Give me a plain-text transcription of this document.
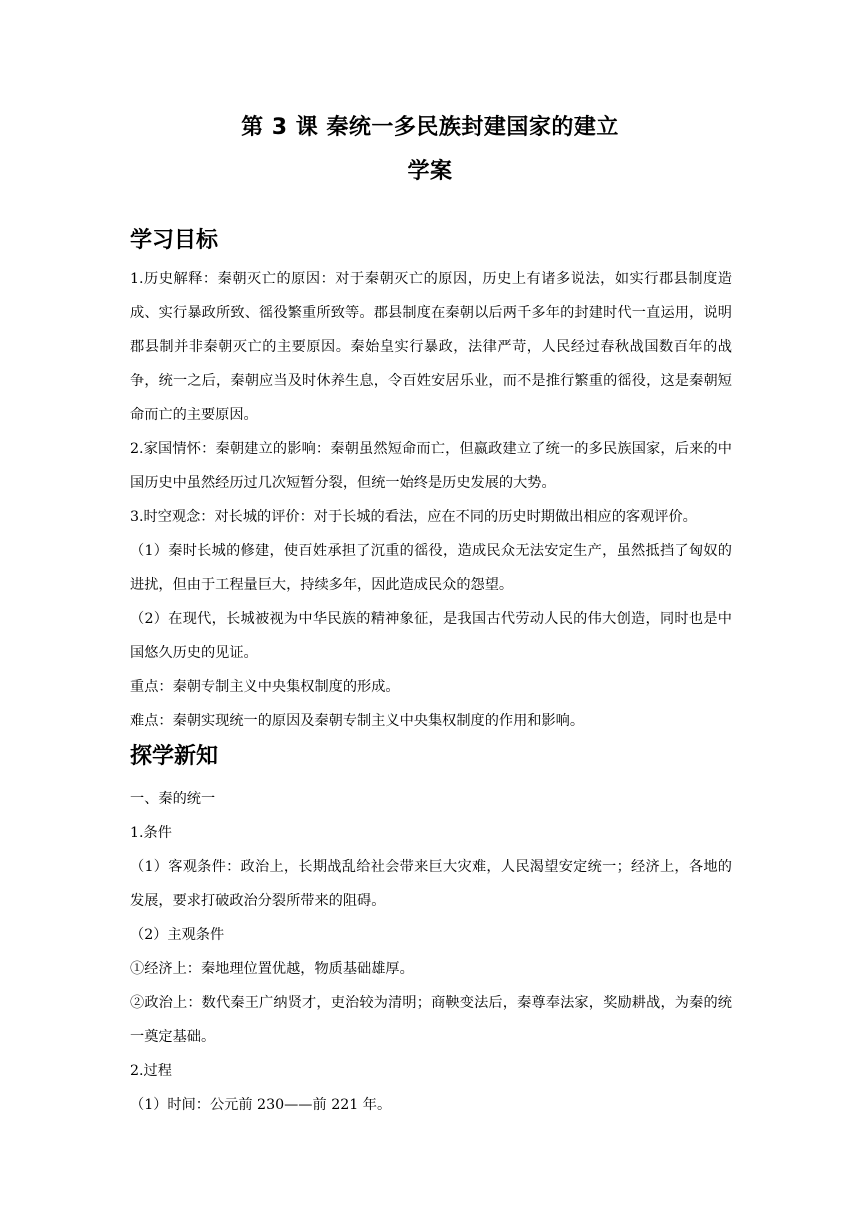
第 3 课 秦统一多民族封建国家的建立
学案
学习目标

1.历史解释：秦朝灭亡的原因：对于秦朝灭亡的原因，历史上有诸多说法，如实行郡县制度造成、实行暴政所致、徭役繁重所致等。郡县制度在秦朝以后两千多年的封建时代一直运用，说明郡县制并非秦朝灭亡的主要原因。秦始皇实行暴政，法律严苛，人民经过春秋战国数百年的战争，统一之后，秦朝应当及时休养生息，令百姓安居乐业，而不是推行繁重的徭役，这是秦朝短命而亡的主要原因。

2.家国情怀：秦朝建立的影响：秦朝虽然短命而亡，但嬴政建立了统一的多民族国家，后来的中国历史中虽然经历过几次短暂分裂，但统一始终是历史发展的大势。

3.时空观念：对长城的评价：对于长城的看法，应在不同的历史时期做出相应的客观评价。

（1）秦时长城的修建，使百姓承担了沉重的徭役，造成民众无法安定生产，虽然抵挡了匈奴的进扰，但由于工程量巨大，持续多年，因此造成民众的怨望。

（2）在现代，长城被视为中华民族的精神象征，是我国古代劳动人民的伟大创造，同时也是中国悠久历史的见证。

重点：秦朝专制主义中央集权制度的形成。

难点：秦朝实现统一的原因及秦朝专制主义中央集权制度的作用和影响。

探学新知

一、秦的统一

1.条件

（1）客观条件：政治上，长期战乱给社会带来巨大灾难，人民渴望安定统一；经济上，各地的发展，要求打破政治分裂所带来的阻碍。

（2）主观条件

①经济上：秦地理位置优越，物质基础雄厚。

②政治上：数代秦王广纳贤才，吏治较为清明；商鞅变法后，秦尊奉法家，奖励耕战，为秦的统一奠定基础。

2.过程

（1）时间：公元前 230——前 221 年。
